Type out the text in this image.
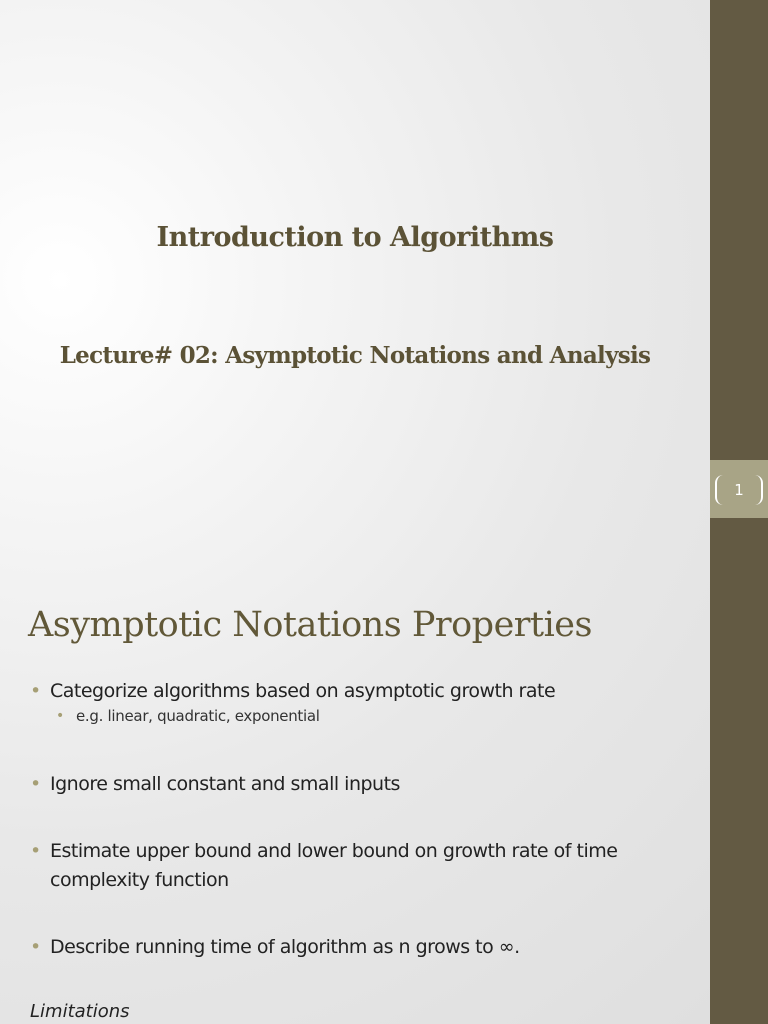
1
Introduction to Algorithms
Lecture# 02: Asymptotic Notations and Analysis
Asymptotic Notations Properties
• Categorize algorithms based on asymptotic growth rate
• e.g. linear, quadratic, exponential
• Ignore small constant and small inputs
• Estimate upper bound and lower bound on growth rate of time complexity function
• Describe running time of algorithm as n grows to ∞.
Limitations
